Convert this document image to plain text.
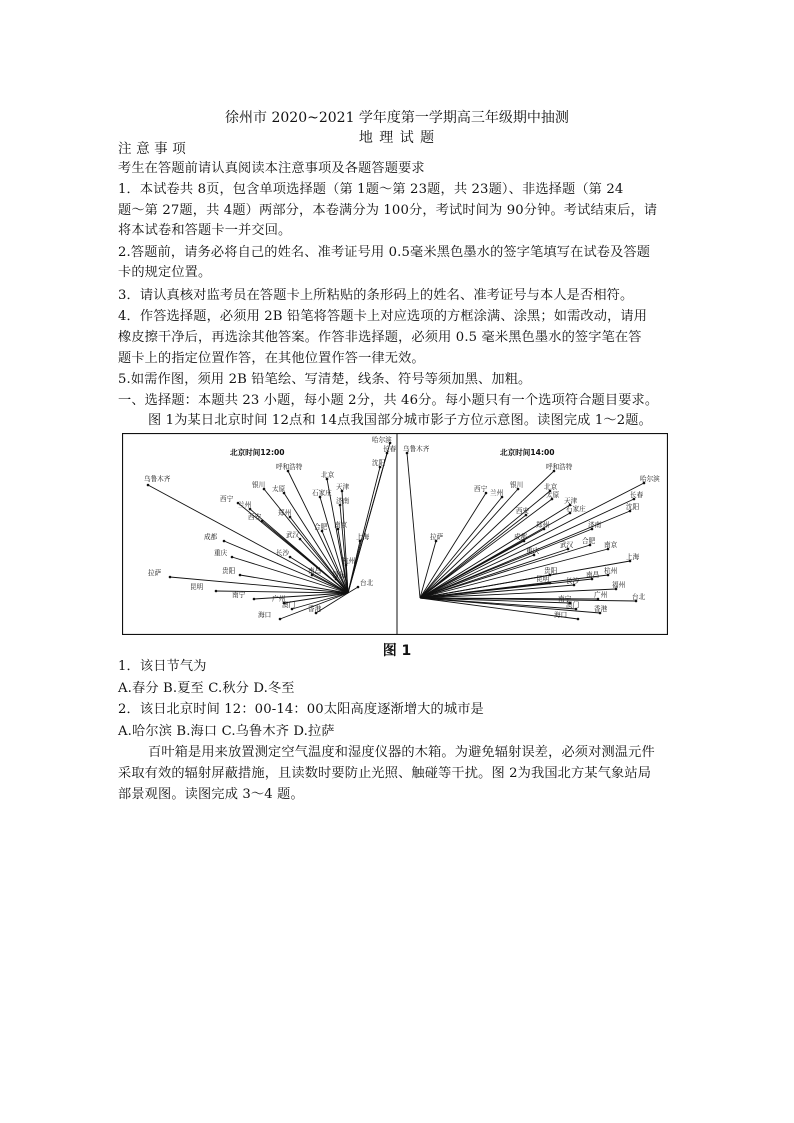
徐州市 2020~2021 学年度第一学期高三年级期中抽测
地 理 试 题
注 意 事 项
考生在答题前请认真阅读本注意事项及各题答题要求
1．本试卷共 8页，包含单项选择题（第 1题～第 23题，共 23题）、非选择题（第 24
题～第 27题，共 4题）两部分，本卷满分为 100分，考试时间为 90分钟。考试结束后，请
将本试卷和答题卡一并交回。
2.答题前，请务必将自己的姓名、准考证号用 0.5毫米黑色墨水的签字笔填写在试卷及答题
卡的规定位置。
3．请认真核对监考员在答题卡上所粘贴的条形码上的姓名、准考证号与本人是否相符。
4．作答选择题，必须用 2B 铅笔将答题卡上对应选项的方框涂满、涂黑；如需改动，请用
橡皮擦干净后，再选涂其他答案。作答非选择题，必须用 0.5 毫米黑色墨水的签字笔在答
题卡上的指定位置作答，在其他位置作答一律无效。
5.如需作图，须用 2B 铅笔绘、写清楚，线条、符号等须加黑、加粗。
一、选择题：本题共 23 小题，每小题 2分，共 46分。每小题只有一个选项符合题目要求。
图 1为某日北京时间 12点和 14点我国部分城市影子方位示意图。读图完成 1～2题。
北京时间12:00	北京时间14:00
哈尔滨
长春
沈阳
呼和浩特
北京
天津
石家庄
太原
乌鲁木齐
银川
济南
西宁
兰州
郑州
西安
南京
合肥
上海
武汉
杭州
成都
长沙
重庆
拉萨	贵阳	南昌 福州
台北
昆明
南宁	广州
澳门 香港
海口
乌鲁木齐
呼和浩特
北京
银川
太原
西宁 兰州
天津
哈尔滨
长春
沈阳
石家庄
西安
济南
郑州
拉萨	成都	合肥 南京
武汉
重庆
上海
杭州
贵阳	南昌
长沙
昆明
福州
广州	台北
南宁
澳门 香港
海口
图 1
1．该日节气为
A.春分 B.夏至 C.秋分 D.冬至
2．该日北京时间 12：00-14：00太阳高度逐渐增大的城市是
A.哈尔滨 B.海口 C.乌鲁木齐 D.拉萨
百叶箱是用来放置测定空气温度和湿度仪器的木箱。为避免辐射误差，必须对测温元件
采取有效的辐射屏蔽措施，且读数时要防止光照、触碰等干扰。图 2为我国北方某气象站局
部景观图。读图完成 3～4 题。
